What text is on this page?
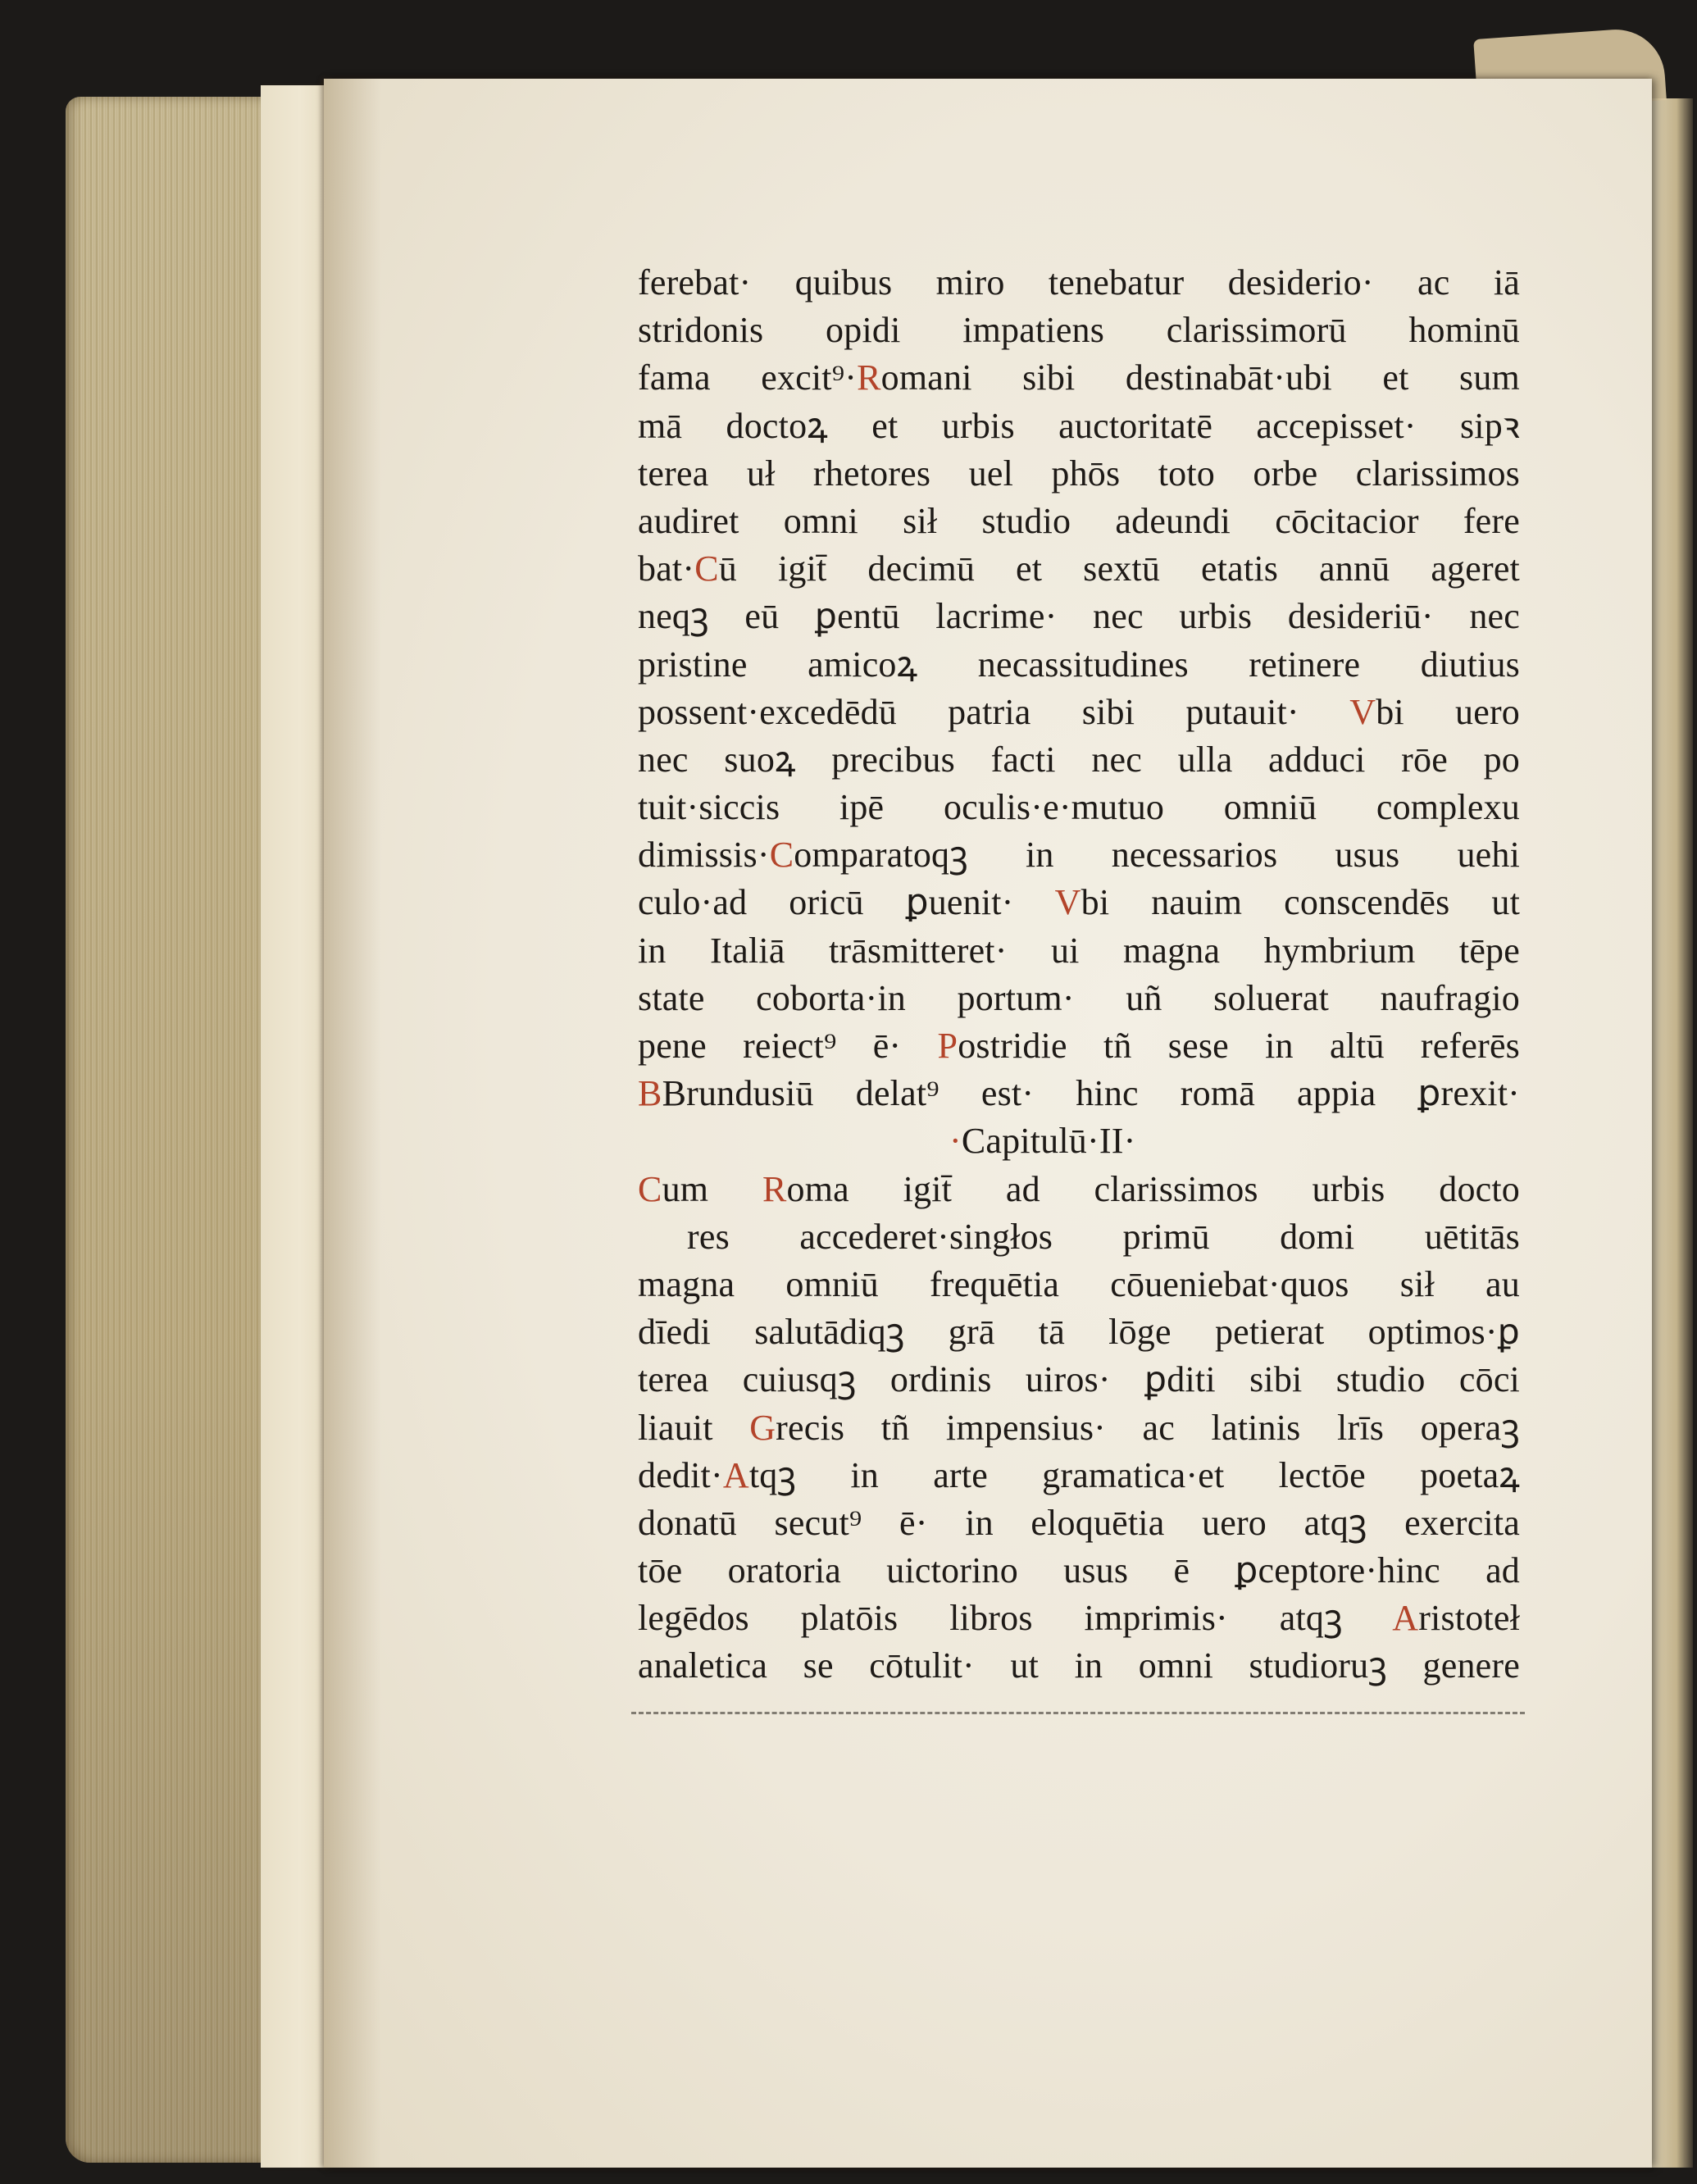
ferebat· quibus miro tenebatur desiderio· ac iā
stridonis opidi impatiens clarissimorū hominū
fama excit⁹·Romani sibi destinabāt·ubi et sum
mā doctoꝝ et urbis auctoritatē accepisset· sipꝛ
terea uł rhetores uel phōs toto orbe clarissimos
audiret omni sił studio adeundi cōcitacior fere
bat·Cū igit̄ decimū et sextū etatis annū ageret
neqꝫ eū ꝑentū lacrime· nec urbis desideriū· nec
pristine amicoꝝ necassitudines retinere diutius
possent·excedēdū patria sibi putauit· Vbi uero
nec suoꝝ precibus facti nec ulla adduci rōe po
tuit·siccis ipē oculis·e·mutuo omniū complexu
dimissis·Comparatoqꝫ in necessarios usus uehi
culo·ad oricū ꝑuenit· Vbi nauim conscendēs ut
in Italiā trāsmitteret· ui magna hymbrium tēpe
state coborta·in portum· uñ soluerat naufragio
pene reiect⁹ ē· Postridie tñ sese in altū referēs
BBrundusiū delat⁹ est· hinc romā appia ꝑrexit·
·Capitulū·II·
Cum Roma igit̄ ad clarissimos urbis docto
res accederet·singłos primū domi uētitās
magna omniū frequētia cōueniebat·quos sił au
dīedi salutādiqꝫ grā tā lōge petierat optimos·ꝑ
terea cuiusqꝫ ordinis uiros· ꝑditi sibi studio cōci
liauit Grecis tñ impensius· ac latinis lrīs operaꝫ
dedit·Atqꝫ in arte gramatica·et lectōe poetaꝝ
donatū secut⁹ ē· in eloquētia uero atqꝫ exercita
tōe oratoria uictorino usus ē ꝑceptore·hinc ad
legēdos platōis libros imprimis· atqꝫ Aristoteł
analetica se cōtulit· ut in omni studioruꝫ genere
